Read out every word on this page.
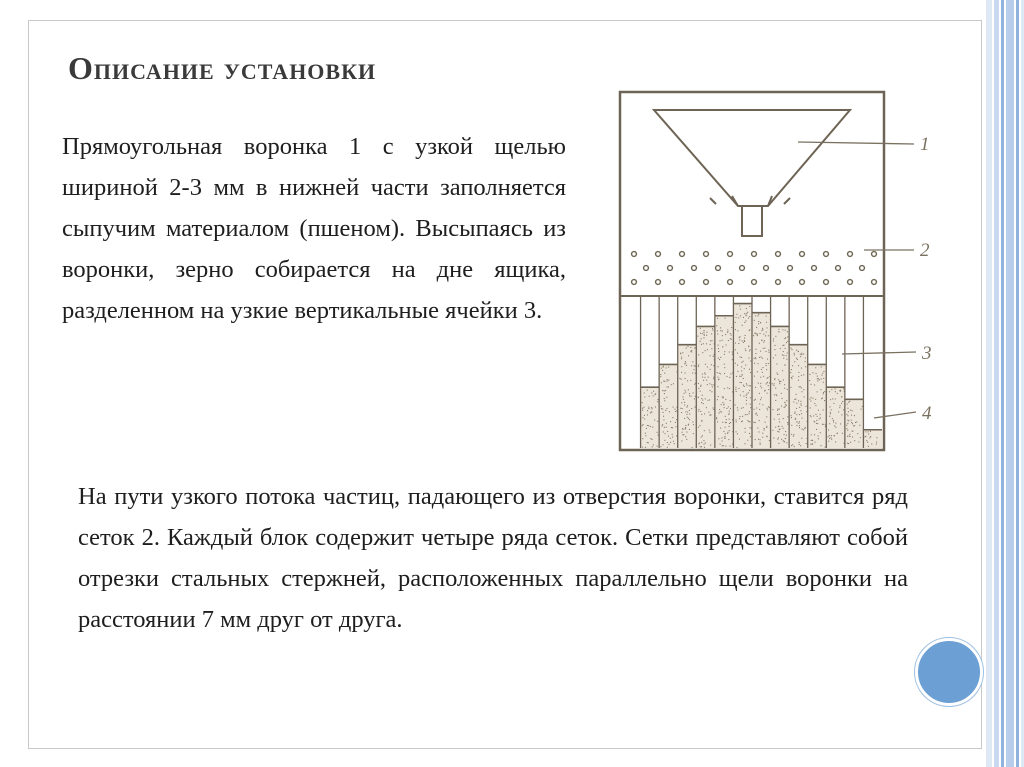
Описание установки

Прямоугольная воронка 1 с узкой щелью шириной 2-3 мм в нижней части заполняется сыпучим материалом (пшеном). Высыпаясь из воронки, зерно собирается на дне ящика, разделенном на узкие вертикальные ячейки 3.

1
2
3
4

На пути узкого потока частиц, падающего из отверстия воронки, ставится ряд сеток 2. Каждый блок содержит четыре ряда сеток. Сетки представляют собой отрезки стальных стержней, расположенных параллельно щели воронки на расстоянии 7 мм друг от друга.
